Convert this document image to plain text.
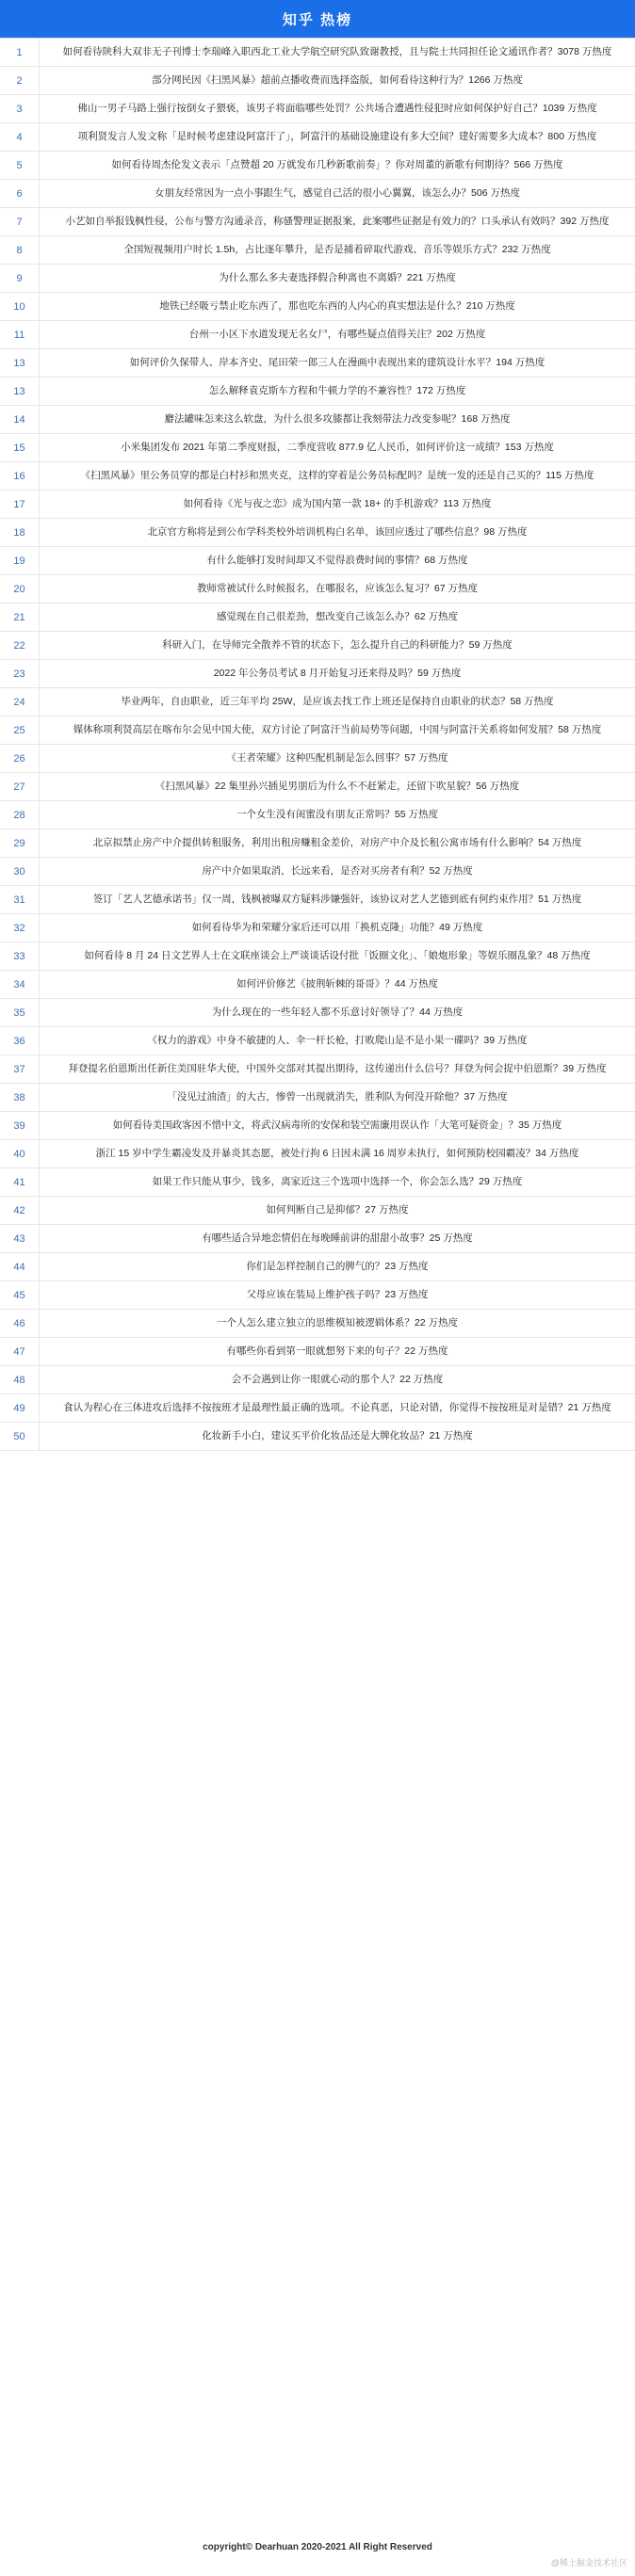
知乎 热榜
1	如何看待陕科大双非无子刊博士李瑞峰入职西北工业大学航空研究队致谢教授，且与院士共同担任论文通讯作者？3078 万热度
2	部分网民因《扫黑风暴》超前点播收费而选择盗版，如何看待这种行为？1266 万热度
3	佛山一男子马路上强行按倒女子猥亵，该男子将面临哪些处罚？公共场合遭遇性侵犯时应如何保护好自己？1039 万热度
4	项利贤发言人发文称「是时候考虑建设阿富汗了」，阿富汗的基础设施建设有多大空间？建好需要多大成本？800 万热度
5	如何看待周杰伦发文表示「点赞超 20 万就发布几秒新歌前奏」？你对周董的新歌有何期待？566 万热度
6	女朋友经常因为一点小事跟生气，感觉自己活的很小心翼翼，该怎么办？506 万热度
7	小艺如自举报钱枫性侵，公布与警方沟通录音，称骚警理证据报案，此案哪些证据是有效力的？口头承认有效吗？392 万热度
8	全国短视频用户时长 1.5h，占比逐年攀升，是否是捕着碎取代游戏、音乐等娱乐方式？232 万热度
9	为什么那么多夫妻选择假合种离也不离婚？221 万热度
10	地铁已经吸亏禁止吃东西了，那也吃东西的人内心的真实想法是什么？210 万热度
11	台州一小区下水道发现无名女尸，有哪些疑点值得关注？202 万热度
13	如何评价久保带人、岸本齐史、尾田荣一郎三人在漫画中表现出来的建筑设计水平？194 万热度
13	怎么解释袁克斯车方程和牛顿力学的不兼容性？172 万热度
14	麝法罐味怎来这么软盘，为什么很多攻膝都让我刻带法力改变参呢？168 万热度
15	小米集团发布 2021 年第二季度财报，二季度营收 877.9 亿人民币，如何评价这一成绩？153 万热度
16	《扫黑风暴》里公务员穿的都是白村衫和黑夹克，这样的穿着是公务员标配吗？是统一发的还是自己买的？115 万热度
17	如何看待《光与夜之恋》成为国内第一款 18+ 的手机游戏？113 万热度
18	北京官方称将是到公布学科类校外培训机构白名单，该回应透过了哪些信息？98 万热度
19	有什么能够打发时间却又不觉得浪费时间的事情？68 万热度
20	教师常被试什么时候报名，在哪报名，应该怎么复习？67 万热度
21	感觉现在自己很差劲，想改变自己该怎么办？62 万热度
22	科研入门，在导师完全散养不管的状态下，怎么提升自己的科研能力？59 万热度
23	2022 年公务员考试 8 月开始复习还来得及吗？59 万热度
24	毕业两年，自由职业，近三年平均 25W，是应该去找工作上班还是保持自由职业的状态？58 万热度
25	媒体称项利贤高层在喀布尔会见中国大使，双方讨论了阿富汗当前局势等问题，中国与阿富汗关系将如何发展？58 万热度
26	《王者荣耀》这种匹配机制是怎么回事？57 万热度
27	《扫黑风暴》22 集里孙兴插见男朋后为什么不不赶紧走，还留下吹星貌？56 万热度
28	一个女生没有闺蜜没有朋友正常吗？55 万热度
29	北京拟禁止房产中介提供转租服务，利用出租房赚租金差价，对房产中介及长租公寓市场有什么影响？54 万热度
30	房产中介如果取消，长远来看，是否对买房者有利？52 万热度
31	签订「艺人艺德承诺书」仅一周，钱枫被曝双方疑料涉嫌强奸，该协议对艺人艺德到底有何约束作用？51 万热度
32	如何看待华为和荣耀分家后还可以用「换机克隆」功能？49 万热度
33	如何看待 8 月 24 日文艺界人士在文联座谈会上严谈谈话设付批「饭圈文化」、「娘炮形象」等娱乐圈乱象？48 万热度
34	如何评价修艺《披荆斩棘的哥哥》？44 万热度
35	为什么现在的一些年轻人都不乐意讨好领导了？44 万热度
36	《权力的游戏》中身不敏捷的人、伞一杆长枪，打败爬山是不是小果一碟吗？39 万热度
37	拜登提名伯恩斯出任新住美国驻华大使，中国外交部对其提出期待，这传递出什么信号？拜登为何会捉中伯恩斯？39 万热度
38	「没见过油渣」的大古，惨曾一出现就消失，胜利队为何没开除他？37 万热度
39	如何看待美国政客因不惜中文，将武汉病毒所的安保和装空需廉用误认作「大笔可疑资金」？35 万热度
40	浙江 15 岁中学生霸凌发及并暴炎其态愿，被处行拘 6 日因未满 16 周岁未执行，如何预防校园霸凌？34 万热度
41	如果工作只能从事少，钱多，离家近这三个选项中选择一个，你会怎么选？29 万热度
42	如何判断自己是抑郁？27 万热度
43	有哪些适合异地恋情侣在每晚睡前讲的甜甜小故事？25 万热度
44	你们是怎样控制自己的脾气的？23 万热度
45	父母应该在装局上维护孩子吗？23 万热度
46	一个人怎么建立独立的思维模知被逻辑体系？22 万热度
47	有哪些你看到第一眼就想努下来的句子？22 万热度
48	会不会遇到让你一眼就心动的那个人？22 万热度
49	食认为程心在三体进攻后选择不按按班才是最理性最正确的选项。不论真恶，只论对错，你觉得不按按班是对是错？21 万热度
50	化妆新手小白，建议买平价化妆品还是大牌化妆品？21 万热度
copyright© Dearhuan 2020-2021 All Right Reserved
@稀土掘金技术社区
